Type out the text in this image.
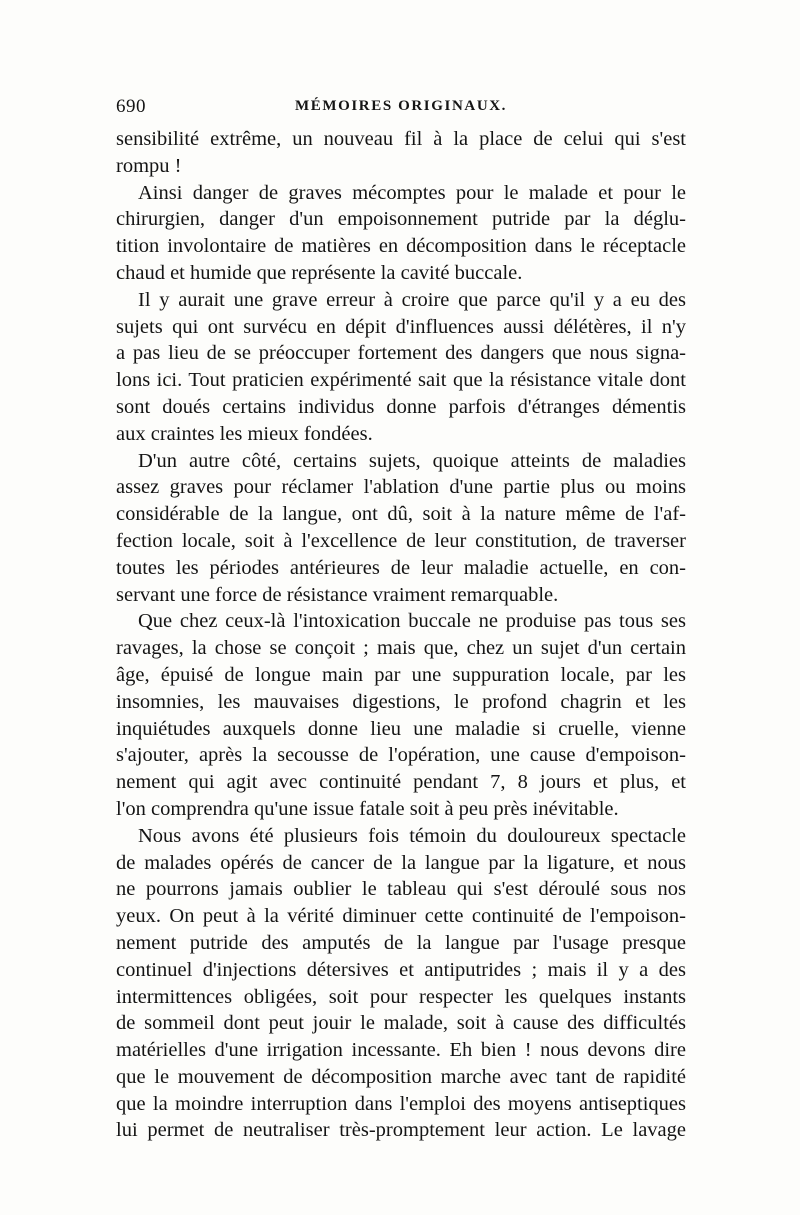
690	MÉMOIRES ORIGINAUX.
sensibilité extrême, un nouveau fil à la place de celui qui s'est
rompu !
Ainsi danger de graves mécomptes pour le malade et pour le
chirurgien, danger d'un empoisonnement putride par la déglu-
tition involontaire de matières en décomposition dans le réceptacle
chaud et humide que représente la cavité buccale.
Il y aurait une grave erreur à croire que parce qu'il y a eu des
sujets qui ont survécu en dépit d'influences aussi délétères, il n'y
a pas lieu de se préoccuper fortement des dangers que nous signa-
lons ici. Tout praticien expérimenté sait que la résistance vitale dont
sont doués certains individus donne parfois d'étranges démentis
aux craintes les mieux fondées.
D'un autre côté, certains sujets, quoique atteints de maladies
assez graves pour réclamer l'ablation d'une partie plus ou moins
considérable de la langue, ont dû, soit à la nature même de l'af-
fection locale, soit à l'excellence de leur constitution, de traverser
toutes les périodes antérieures de leur maladie actuelle, en con-
servant une force de résistance vraiment remarquable.
Que chez ceux-là l'intoxication buccale ne produise pas tous ses
ravages, la chose se conçoit ; mais que, chez un sujet d'un certain
âge, épuisé de longue main par une suppuration locale, par les
insomnies, les mauvaises digestions, le profond chagrin et les
inquiétudes auxquels donne lieu une maladie si cruelle, vienne
s'ajouter, après la secousse de l'opération, une cause d'empoison-
nement qui agit avec continuité pendant 7, 8 jours et plus, et
l'on comprendra qu'une issue fatale soit à peu près inévitable.
Nous avons été plusieurs fois témoin du douloureux spectacle
de malades opérés de cancer de la langue par la ligature, et nous
ne pourrons jamais oublier le tableau qui s'est déroulé sous nos
yeux. On peut à la vérité diminuer cette continuité de l'empoison-
nement putride des amputés de la langue par l'usage presque
continuel d'injections détersives et antiputrides ; mais il y a des
intermittences obligées, soit pour respecter les quelques instants
de sommeil dont peut jouir le malade, soit à cause des difficultés
matérielles d'une irrigation incessante. Eh bien ! nous devons dire
que le mouvement de décomposition marche avec tant de rapidité
que la moindre interruption dans l'emploi des moyens antiseptiques
lui permet de neutraliser très-promptement leur action. Le lavage
